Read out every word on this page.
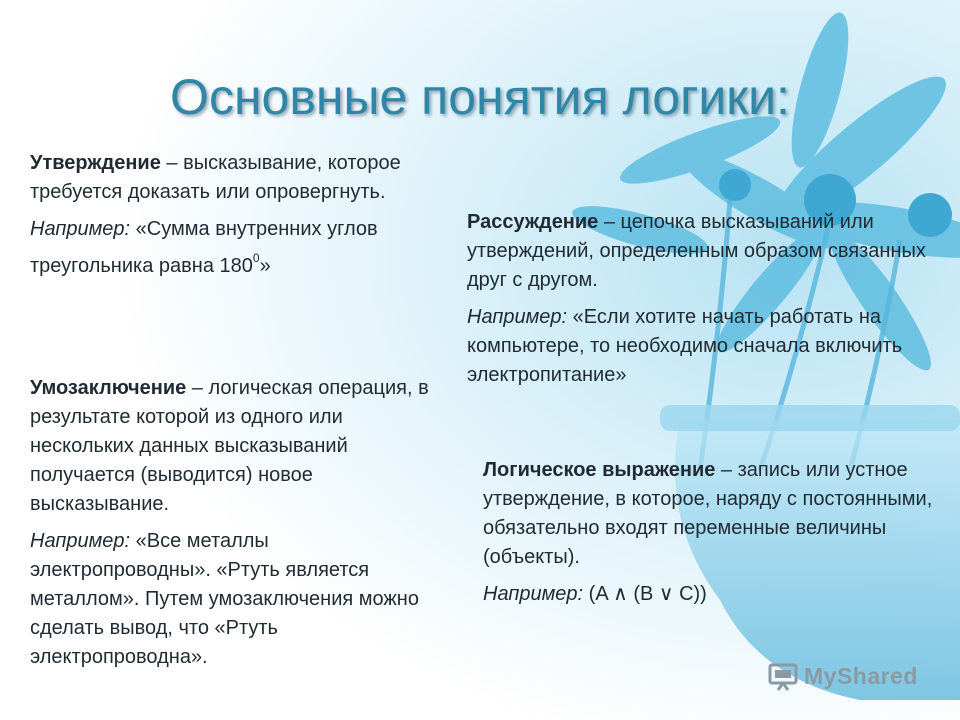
Основные понятия логики:

Утверждение – высказывание, которое требуется доказать или опровергнуть.

Например: «Сумма внутренних углов треугольника равна $180^0$»

Рассуждение – цепочка высказываний или утверждений, определенным образом связанных друг с другом.

Например: «Если хотите начать работать на компьютере, то необходимо сначала включить электропитание»

Умозаключение – логическая операция, в результате которой из одного или нескольких данных высказываний получается (выводится) новое высказывание.

Например: «Все металлы электропроводны». «Ртуть является металлом». Путем умозаключения можно сделать вывод, что «Ртуть электропроводна».

Логическое выражение – запись или устное утверждение, в которое, наряду с постоянными, обязательно входят переменные величины (объекты).

Например: (A ∧ (B ∨ C))

MyShared
